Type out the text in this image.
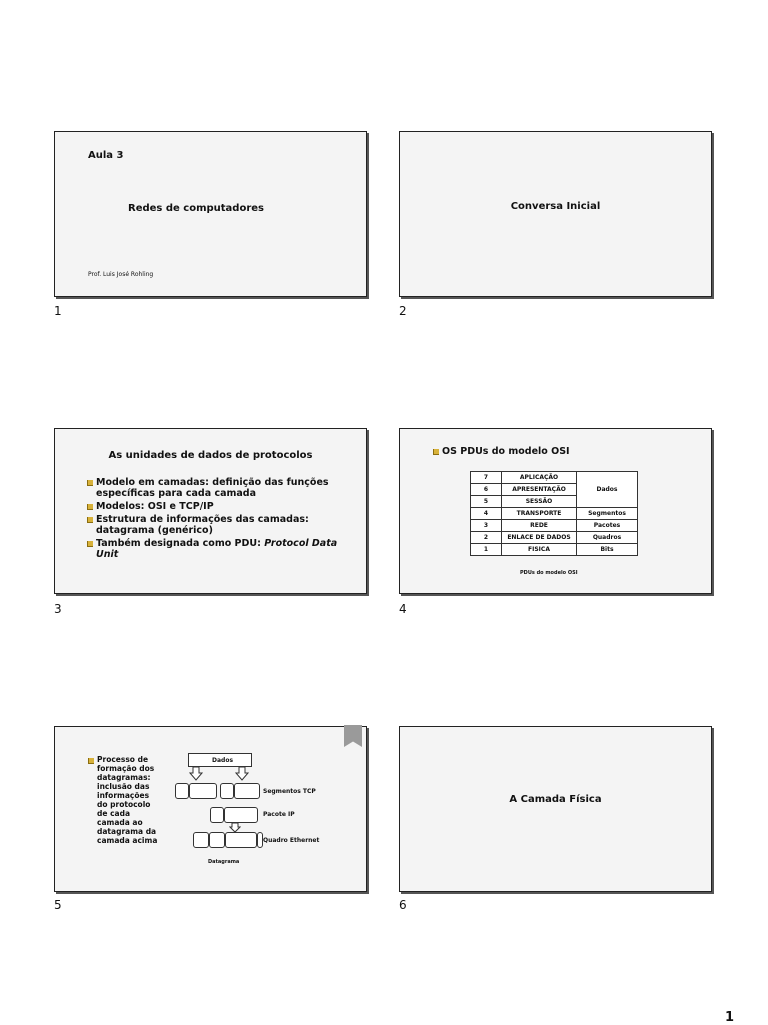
Aula 3
Redes de computadores
Prof. Luis José Rohling
1
Conversa Inicial
2
As unidades de dados de protocolos
Modelo em camadas: definição das funções específicas para cada camada
Modelos: OSI e TCP/IP
Estrutura de informações das camadas: datagrama (genérico)
Também designada como PDU: Protocol Data Unit
3
OS PDUs do modelo OSI
7	APLICAÇÃO	Dados
6	APRESENTAÇÃO	
5	SESSÃO	
4	TRANSPORTE	Segmentos
3	REDE	Pacotes
2	ENLACE DE DADOS	Quadros
1	FISICA	Bits
PDUs do modelo OSI
4
Processo de formação dos datagramas: inclusão das informações do protocolo de cada camada ao datagrama da camada acima
Dados
Segmentos TCP
Pacote IP
Quadro Ethernet
Datagrama
5
A Camada Física
6
1
